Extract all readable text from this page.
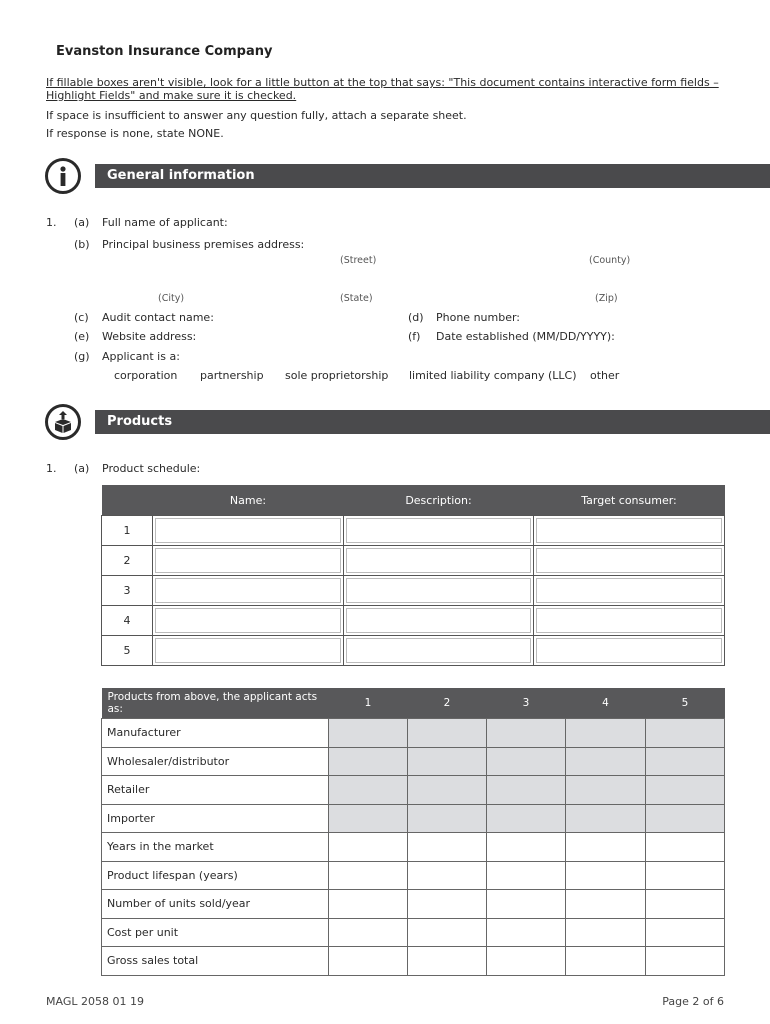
Evanston Insurance Company
If fillable boxes aren't visible, look for a little button at the top that says: "This document contains interactive form fields – Highlight Fields" and make sure it is checked.
If space is insufficient to answer any question fully, attach a separate sheet.
If response is none, state NONE.
General information
1. (a) Full name of applicant:
(b) Principal business premises address:
(Street)	(County)
(City)	(State)	(Zip)
(c) Audit contact name:	(d) Phone number:
(e) Website address:	(f) Date established (MM/DD/YYYY):
(g) Applicant is a:
corporation partnership sole proprietorship limited liability company (LLC) other
Products
1. (a) Product schedule:
	Name:	Description:	Target consumer:
1	

2	

3	

4	

5	

Products from above, the applicant acts as:	1	2	3	4	5
Manufacturer					
Wholesaler/distributor					
Retailer					
Importer					
Years in the market					
Product lifespan (years)					
Number of units sold/year					
Cost per unit					
Gross sales total					
MAGL 2058 01 19	Page 2 of 6
